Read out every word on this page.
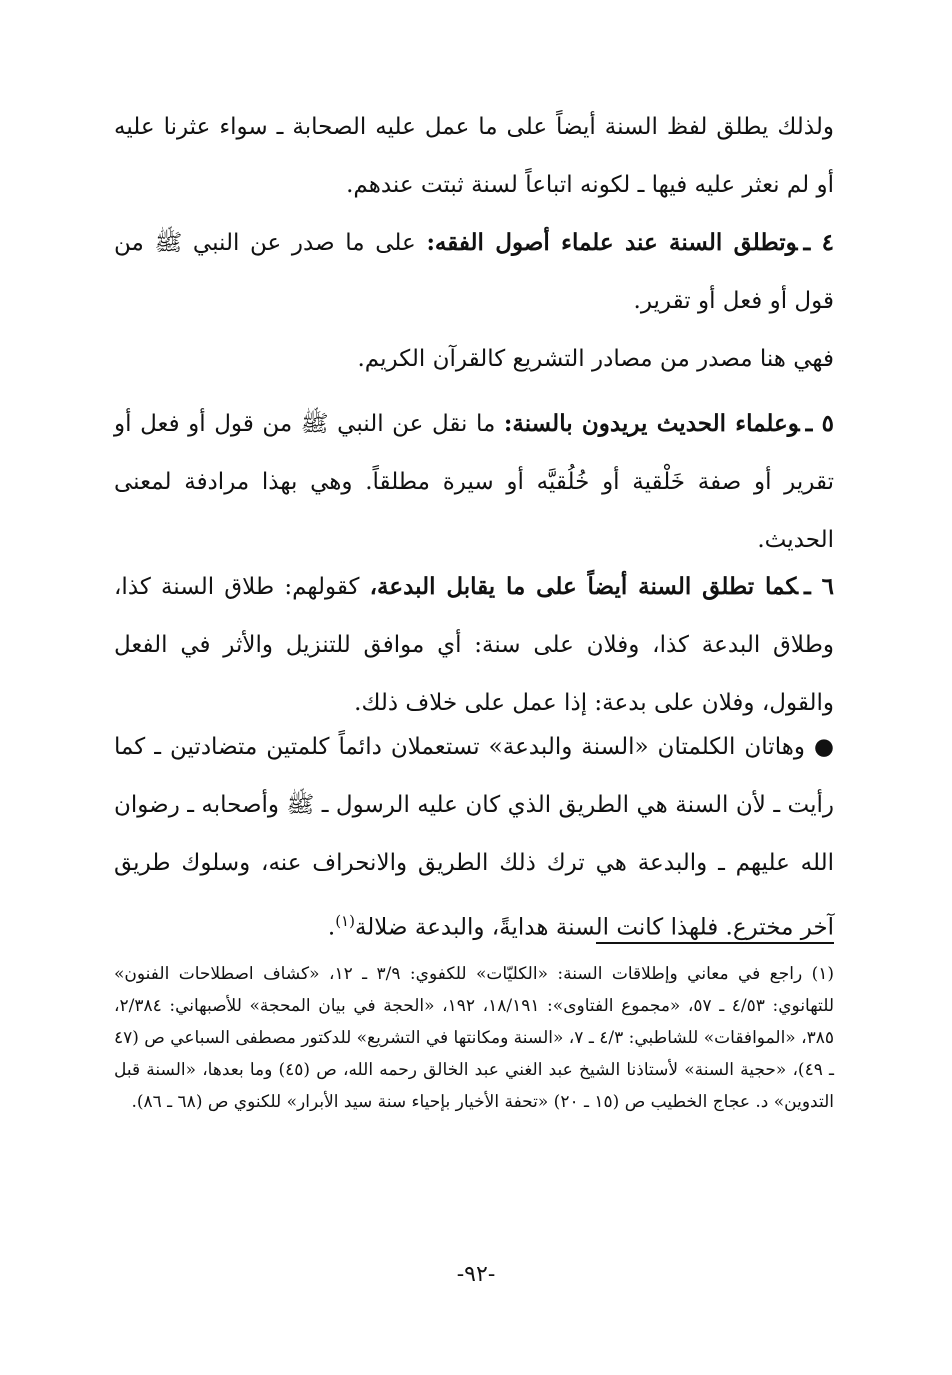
ولذلك يطلق لفظ السنة أيضاً على ما عمل عليه الصحابة ـ سواء عثرنا عليه أو لم نعثر عليه فيها ـ لكونه اتباعاً لسنة ثبتت عندهم.

٤ ـوتطلق السنة عند علماء أصول الفقه: على ما صدر عن النبي ﷺ من قول أو فعل أو تقرير.

فهي هنا مصدر من مصادر التشريع كالقرآن الكريم.

٥ ـوعلماء الحديث يريدون بالسنة: ما نقل عن النبي ﷺ من قول أو فعل أو تقرير أو صفة خَلْقية أو خُلُقيَّه أو سيرة مطلقاً. وهي بهذا مرادفة لمعنى الحديث.

٦ ـكما تطلق السنة أيضاً على ما يقابل البدعة، كقولهم: طلاق السنة كذا، وطلاق البدعة كذا، وفلان على سنة: أي موافق للتنزيل والأثر في الفعل والقول، وفلان على بدعة: إذا عمل على خلاف ذلك.

● وهاتان الكلمتان «السنة والبدعة» تستعملان دائماً كلمتين متضادتين ـ كما رأيت ـ لأن السنة هي الطريق الذي كان عليه الرسول ـ ﷺ وأصحابه ـ رضوان الله عليهم ـ والبدعة هي ترك ذلك الطريق والانحراف عنه، وسلوك طريق آخر مخترع. فلهذا كانت السنة هدايةً، والبدعة ضلالة$^{(١)}$.

(١) راجع في معاني وإطلاقات السنة: «الكليّات» للكفوي: ٣/٩ ـ ١٢، «كشاف اصطلاحات الفنون» للتهانوي: ٤/٥٣ ـ ٥٧، «مجموع الفتاوى»: ١٨/١٩١، ١٩٢، «الحجة في بيان المحجة» للأصبهاني: ٢/٣٨٤، ٣٨٥، «الموافقات» للشاطبي: ٤/٣ ـ ٧، «السنة ومكانتها في التشريع» للدكتور مصطفى السباعي ص (٤٧ ـ ٤٩)، «حجية السنة» لأستاذنا الشيخ عبد الغني عبد الخالق رحمه الله، ص (٤٥) وما بعدها، «السنة قبل التدوين» د. عجاج الخطيب ص (١٥ ـ ٢٠) «تحفة الأخيار بإحياء سنة سيد الأبرار» للكنوي ص (٦٨ ـ ٨٦).

-٩٢-
